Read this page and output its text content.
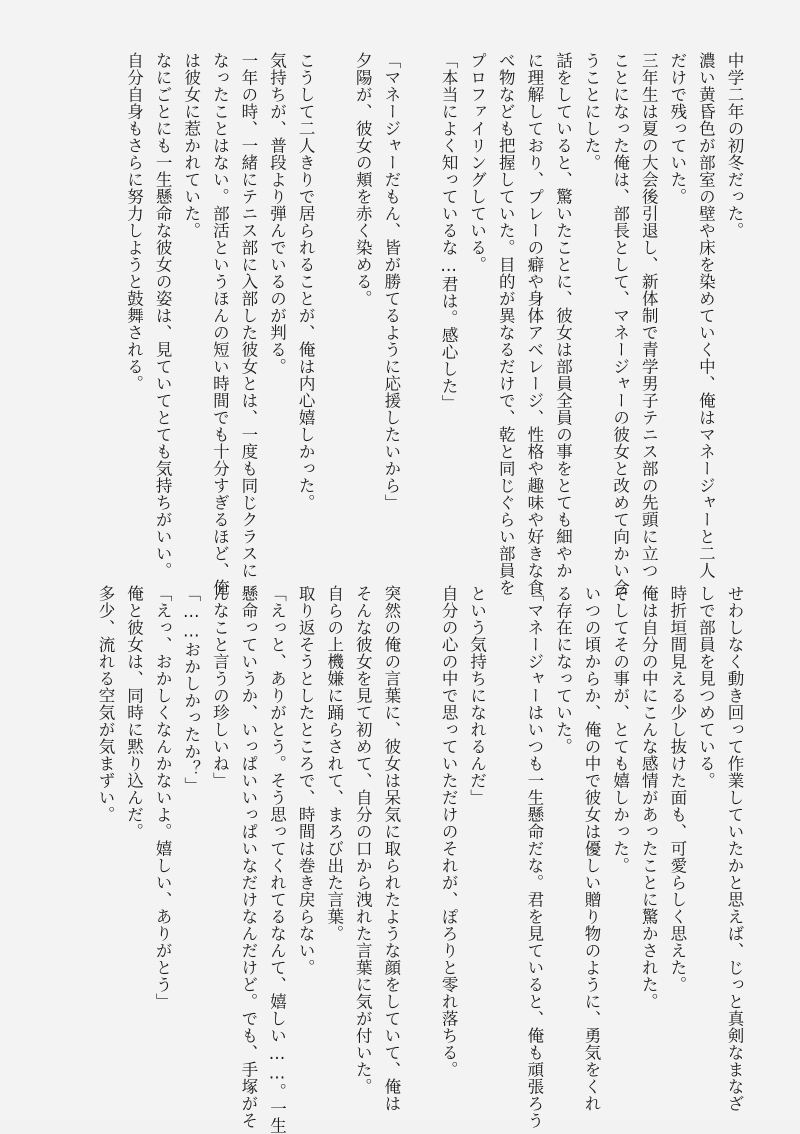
中学二年の初冬だった。
濃い黄昏色が部室の壁や床を染めていく中、俺はマネージャーと二人
だけで残っていた。
三年生は夏の大会後引退し、新体制で青学男子テニス部の先頭に立つ
ことになった俺は、部長として、マネージャーの彼女と改めて向かい合
うことにした。
話をしていると、驚いたことに、彼女は部員全員の事をとても細やか
に理解しており、プレーの癖や身体アベレージ、性格や趣味や好きな食
べ物なども把握していた。目的が異なるだけで、乾と同じぐらい部員を
プロファイリングしている。
「本当によく知っているな…君は。感心した」
「マネージャーだもん、皆が勝てるように応援したいから」
夕陽が、彼女の頬を赤く染める。
こうして二人きりで居られることが、俺は内心嬉しかった。
気持ちが、普段より弾んでいるのが判る。
一年の時、一緒にテニス部に入部した彼女とは、一度も同じクラスに
なったことはない。部活というほんの短い時間でも十分すぎるほど、俺
は彼女に惹かれていた。
なにごとにも一生懸命な彼女の姿は、見ていてとても気持ちがいい。
自分自身もさらに努力しようと鼓舞される。
せわしなく動き回って作業していたかと思えば、じっと真剣なまなざ
しで部員を見つめている。
時折垣間見える少し抜けた面も、可愛らしく思えた。
俺は自分の中にこんな感情があったことに驚かされた。
そしてその事が、とても嬉しかった。
いつの頃からか、俺の中で彼女は優しい贈り物のように、勇気をくれ
る存在になっていた。
「マネージャーはいつも一生懸命だな。君を見ていると、俺も頑張ろう
という気持ちになれるんだ」
自分の心の中で思っていただけのそれが、ぽろりと零れ落ちる。
突然の俺の言葉に、彼女は呆気に取られたような顔をしていて、俺は
そんな彼女を見て初めて、自分の口から洩れた言葉に気が付いた。
自らの上機嫌に踊らされて、まろび出た言葉。
取り返そうとしたところで、時間は巻き戻らない。
「えっと、ありがとう。そう思ってくれてるなんて、嬉しい……。一生
懸命っていうか、いっぱいいっぱいなだけなんだけど。でも、手塚がそ
んなこと言うの珍しいね」
「……おかしかったか？」
「えっ、おかしくなんかないよ。嬉しい、ありがとう」
俺と彼女は、同時に黙り込んだ。
多少、流れる空気が気まずい。
